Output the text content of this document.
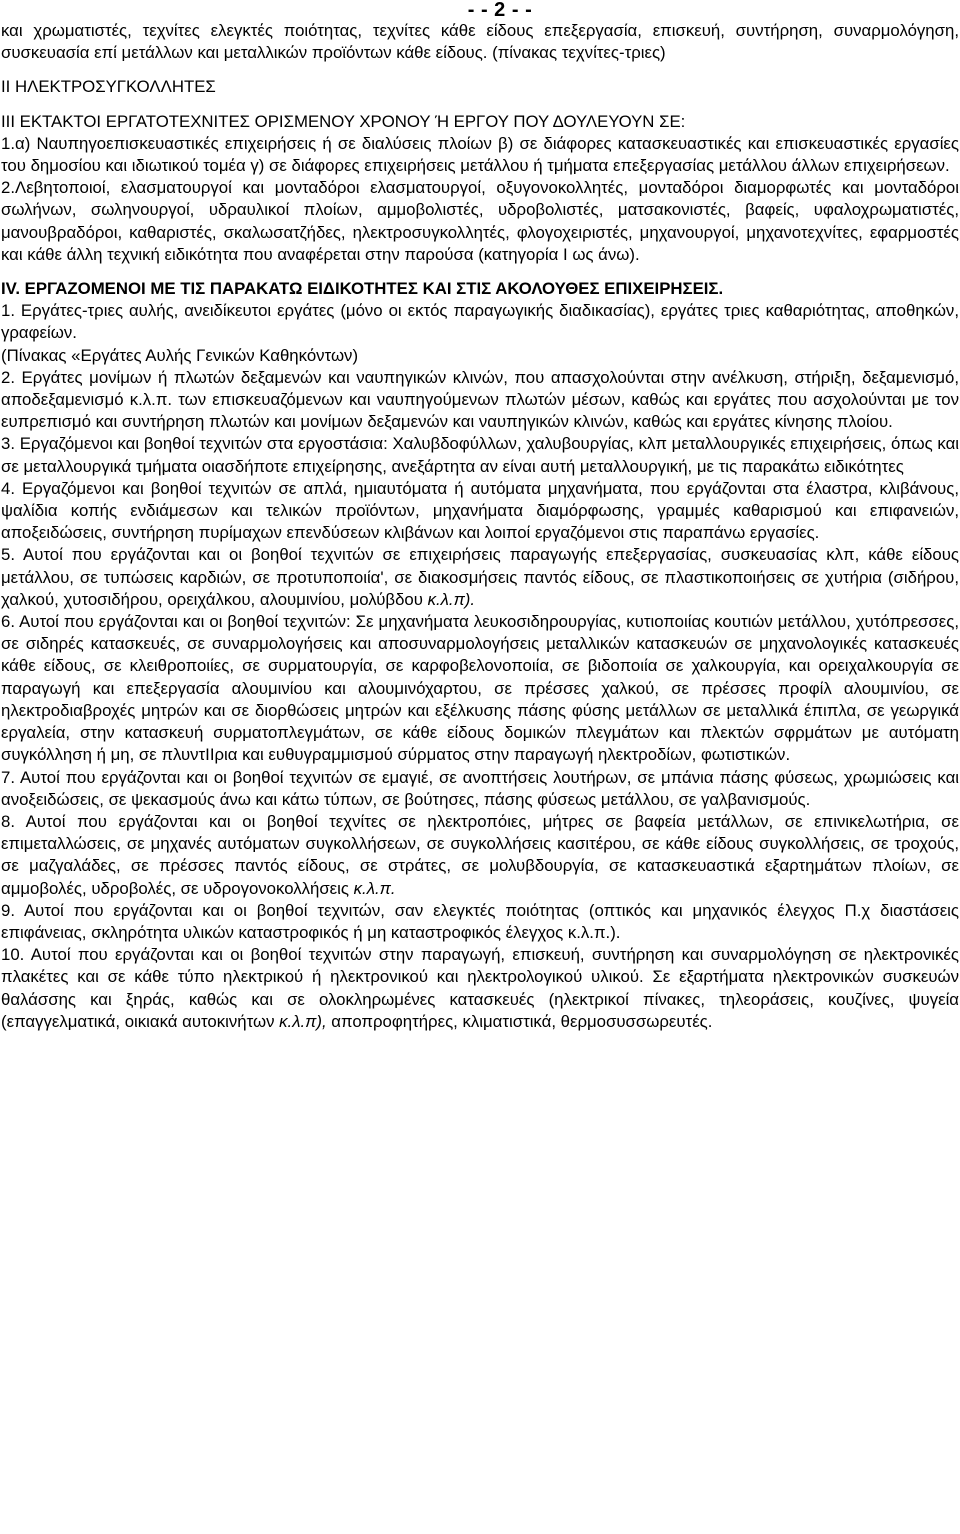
- - 2 - -

και χρωματιστές, τεχνίτες ελεγκτές ποιότητας, τεχνίτες κάθε είδους επεξεργασία, επισκευή, συντήρηση, συναρμολόγηση, συσκευασία επί μετάλλων και μεταλλικών προϊόντων κάθε είδους. (πίνακας τεχνίτες-τριες)

II ΗΛΕΚΤΡΟΣΥΓΚΟΛΛΗΤΕΣ

III ΕΚΤΑΚΤΟΙ ΕΡΓΑΤΟΤΕΧΝΙΤΕΣ ΟΡΙΣΜΕΝΟΥ ΧΡΟΝΟΥ Ή ΕΡΓΟΥ ΠΟΥ ΔΟΥΛΕΥΟΥΝ ΣΕ:

1.α) Ναυπηγοεπισκευαστικές επιχειρήσεις ή σε διαλύσεις πλοίων β) σε διάφορες κατασκευαστικές και επισκευαστικές εργασίες του δημοσίου και ιδιωτικού τομέα γ) σε διάφορες επιχειρήσεις μετάλλου ή τμήματα επεξεργασίας μετάλλου άλλων επιχειρήσεων.

2.Λεβητοποιοί, ελασματουργοί και μονταδόροι ελασματουργοί, οξυγονοκολλητές, μονταδόροι διαμορφωτές και μονταδόροι σωλήνων, σωληνουργοί, υδραυλικοί πλοίων, αμμοβολιστές, υδροβολιστές, ματσακονιστές, βαφείς, υφαλοχρωματιστές, μανουβραδόροι, καθαριστές, σκαλωσατζήδες, ηλεκτροσυγκολλητές, φλογοχειριστές, μηχανουργοί, μηχανοτεχνίτες, εφαρμοστές και κάθε άλλη τεχνική ειδικότητα που αναφέρεται στην παρούσα (κατηγορία Ι ως άνω).

IV. ΕΡΓΑΖΟΜΕΝΟΙ ΜΕ ΤΙΣ ΠΑΡΑΚΑΤΩ ΕΙΔΙΚΟΤΗΤΕΣ ΚΑΙ ΣΤΙΣ ΑΚΟΛΟΥΘΕΣ ΕΠΙΧΕΙΡΗΣΕΙΣ.

1. Εργάτες-τριες αυλής, ανειδίκευτοι εργάτες (μόνο οι εκτός παραγωγικής διαδικασίας), εργάτες τριες καθαριότητας, αποθηκών, γραφείων.

(Πίνακας «Εργάτες Αυλής Γενικών Καθηκόντων)

2. Εργάτες μονίμων ή πλωτών δεξαμενών και ναυπηγικών κλινών, που απασχολούνται στην ανέλκυση, στήριξη, δεξαμενισμό, αποδεξαμενισμό κ.λ.π. των επισκευαζόμενων και ναυπηγούμενων πλωτών μέσων, καθώς και εργάτες που ασχολούνται με τον ευπρεπισμό και συντήρηση πλωτών και μονίμων δεξαμενών και ναυπηγικών κλινών, καθώς και εργάτες κίνησης πλοίου.

3. Εργαζόμενοι και βοηθοί τεχνιτών στα εργοστάσια: Χαλυβδοφύλλων, χαλυβουργίας, κλπ μεταλλουργικές επιχειρήσεις, όπως και σε μεταλλουργικά τμήματα οιασδήποτε επιχείρησης, ανεξάρτητα αν είναι αυτή μεταλλουργική, με τις παρακάτω ειδικότητες

4. Εργαζόμενοι και βοηθοί τεχνιτών σε απλά, ημιαυτόματα ή αυτόματα μηχανήματα, που εργάζονται στα έλαστρα, κλιβάνους, ψαλίδια κοπής ενδιάμεσων και τελικών προϊόντων, μηχανήματα διαμόρφωσης, γραμμές καθαρισμού και επιφανειών, αποξειδώσεις, συντήρηση πυρίμαχων επενδύσεων κλιβάνων και λοιποί εργαζόμενοι στις παραπάνω εργασίες.

5. Αυτοί που εργάζονται και οι βοηθοί τεχνιτών σε επιχειρήσεις παραγωγής επεξεργασίας, συσκευασίας κλπ, κάθε είδους μετάλλου, σε τυπώσεις καρδιών, σε προτυποποιία', σε διακοσμήσεις παντός είδους, σε πλαστικοποιήσεις σε χυτήρια (σιδήρου, χαλκού, χυτοσιδήρου, ορειχάλκου, αλουμινίου, μολύβδου κ.λ.π).

6. Αυτοί που εργάζονται και οι βοηθοί τεχνιτών: Σε μηχανήματα λευκοσιδηρουργίας, κυτιοποιίας κουτιών μετάλλου, χυτόπρεσσες, σε σιδηρές κατασκευές, σε συναρμολογήσεις και αποσυναρμολογήσεις μεταλλικών κατασκευών σε μηχανολογικές κατασκευές κάθε είδους, σε κλειθροποιίες, σε συρματουργία, σε καρφοβελονοποιία, σε βιδοποιία σε χαλκουργία, και ορειχαλκουργία σε παραγωγή και επεξεργασία αλουμινίου και αλουμινόχαρτου, σε πρέσσες χαλκού, σε πρέσσες προφίλ αλουμινίου, σε ηλεκτροδιαβροχές μητρών και σε διορθώσεις μητρών και εξέλκυσης πάσης φύσης μετάλλων σε μεταλλικά έπιπλα, σε γεωργικά εργαλεία, στην κατασκευή συρματοπλεγμάτων, σε κάθε είδους δομικών πλεγμάτων και πλεκτών σφρμάτων με αυτόματη συγκόλληση ή μη, σε πλυντΙΙρια και ευθυγραμμισμού σύρματος στην παραγωγή ηλεκτροδίων, φωτιστικών.

7. Αυτοί που εργάζονται και οι βοηθοί τεχνιτών σε εμαγιέ, σε ανοπτήσεις λουτήρων, σε μπάνια πάσης φύσεως, χρωμιώσεις και ανοξειδώσεις, σε ψεκασμούς άνω και κάτω τύπων, σε βούτησες, πάσης φύσεως μετάλλου, σε γαλβανισμούς.

8. Αυτοί που εργάζονται και οι βοηθοί τεχνίτες σε ηλεκτροπόιες, μήτρες σε βαφεία μετάλλων, σε επινικελωτήρια, σε επιμεταλλώσεις, σε μηχανές αυτόματων συγκολλήσεων, σε συγκολλήσεις κασιτέρου, σε κάθε είδους συγκολλήσεις, σε τροχούς, σε μαζγαλάδες, σε πρέσσες παντός είδους, σε στράτες, σε μολυβδουργία, σε κατασκευαστικά εξαρτημάτων πλοίων, σε αμμοβολές, υδροβολές, σε υδρογονοκολλήσεις κ.λ.π.

9. Αυτοί που εργάζονται και οι βοηθοί τεχνιτών, σαν ελεγκτές ποιότητας (οπτικός και μηχανικός έλεγχος Π.χ διαστάσεις επιφάνειας, σκληρότητα υλικών καταστροφικός ή μη καταστροφικός έλεγχος κ.λ.π.).

10. Αυτοί που εργάζονται και οι βοηθοί τεχνιτών στην παραγωγή, επισκευή, συντήρηση και συναρμολόγηση σε ηλεκτρονικές πλακέτες και σε κάθε τύπο ηλεκτρικού ή ηλεκτρονικού και ηλεκτρολογικού υλικού. Σε εξαρτήματα ηλεκτρονικών συσκευών θαλάσσης και ξηράς, καθώς και σε ολοκληρωμένες κατασκευές (ηλεκτρικοί πίνακες, τηλεοράσεις, κουζίνες, ψυγεία (επαγγελματικά, οικιακά αυτοκινήτων κ.λ.π), αποπροφητήρες, κλιματιστικά, θερμοσυσσωρευτές.
